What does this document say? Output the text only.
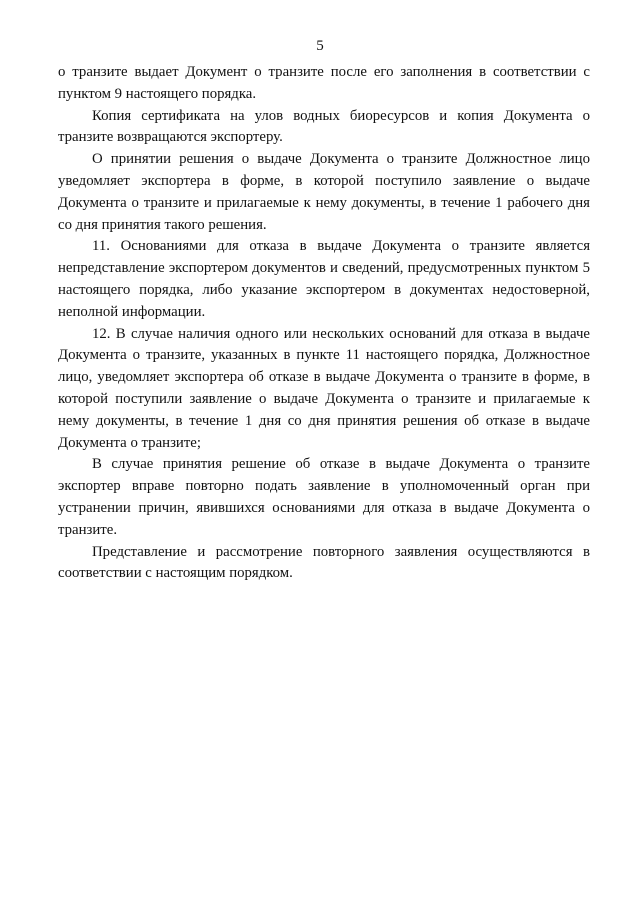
5

о транзите выдает Документ о транзите после его заполнения в соответствии с пунктом 9 настоящего порядка.

Копия сертификата на улов водных биоресурсов и копия Документа о транзите возвращаются экспортеру.

О принятии решения о выдаче Документа о транзите Должностное лицо уведомляет экспортера в форме, в которой поступило заявление о выдаче Документа о транзите и прилагаемые к нему документы, в течение 1 рабочего дня со дня принятия такого решения.

11. Основаниями для отказа в выдаче Документа о транзите является непредставление экспортером документов и сведений, предусмотренных пунктом 5 настоящего порядка, либо указание экспортером в документах недостоверной, неполной информации.

12. В случае наличия одного или нескольких оснований для отказа в выдаче Документа о транзите, указанных в пункте 11 настоящего порядка, Должностное лицо, уведомляет экспортера об отказе в выдаче Документа о транзите в форме, в которой поступили заявление о выдаче Документа о транзите и прилагаемые к нему документы, в течение 1 дня со дня принятия решения об отказе в выдаче Документа о транзите;

В случае принятия решение об отказе в выдаче Документа о транзите экспортер вправе повторно подать заявление в уполномоченный орган при устранении причин, явившихся основаниями для отказа в выдаче Документа о транзите.

Представление и рассмотрение повторного заявления осуществляются в соответствии с настоящим порядком.
